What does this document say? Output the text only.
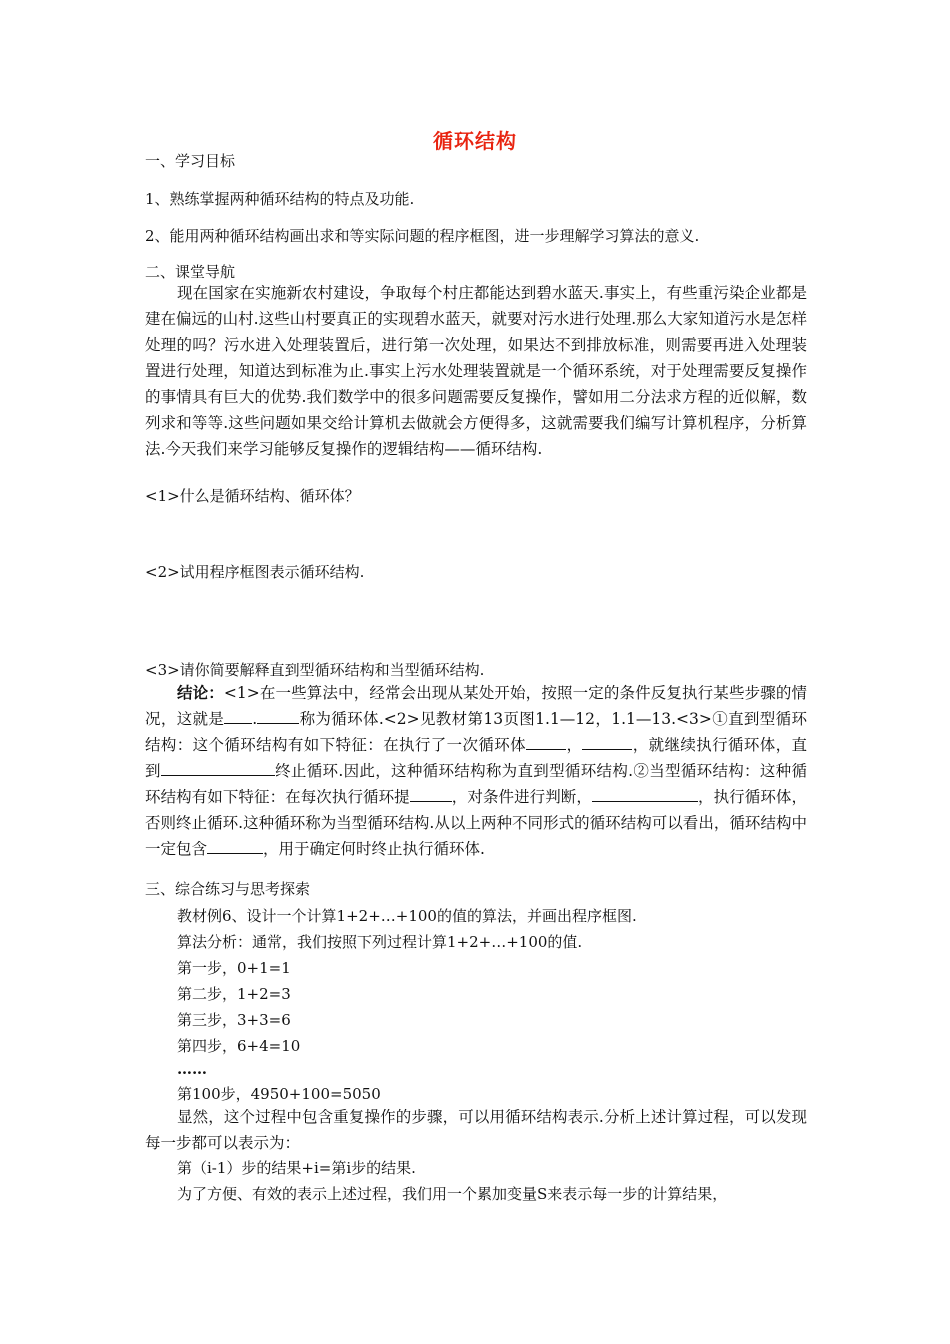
循环结构
一、学习目标
1、熟练掌握两种循环结构的特点及功能.
2、能用两种循环结构画出求和等实际问题的程序框图，进一步理解学习算法的意义.
二、课堂导航

现在国家在实施新农村建设，争取每个村庄都能达到碧水蓝天.事实上，有些重污染企业都是建在偏远的山村.这些山村要真正的实现碧水蓝天，就要对污水进行处理.那么大家知道污水是怎样处理的吗？污水进入处理装置后，进行第一次处理，如果达不到排放标准，则需要再进入处理装置进行处理，知道达到标准为止.事实上污水处理装置就是一个循环系统，对于处理需要反复操作的事情具有巨大的优势.我们数学中的很多问题需要反复操作，譬如用二分法求方程的近似解，数列求和等等.这些问题如果交给计算机去做就会方便得多，这就需要我们编写计算机程序，分析算法.今天我们来学习能够反复操作的逻辑结构——循环结构.

<1>什么是循环结构、循环体？
<2>试用程序框图表示循环结构.
<3>请你简要解释直到型循环结构和当型循环结构.

结论：<1>在一些算法中，经常会出现从某处开始，按照一定的条件反复执行某些步骤的情况，这就是 .	称为循环体.<2>见教材第13页图1.1—12，1.1—13.<3>①直到型循环结构：这个循环结构有如下特征：在执行了一次循环体	，	，就继续执行循环体，直到	终止循环.因此，这种循环结构称为直到型循环结构.②当型循环结构：这种循环结构有如下特征：在每次执行循环提	，对条件进行判断，	，执行循环体，否则终止循环.这种循环称为当型循环结构.从以上两种不同形式的循环结构可以看出，循环结构中一定包含	，用于确定何时终止执行循环体.

三、综合练习与思考探索
教材例6、设计一个计算1+2+…+100的值的算法，并画出程序框图.
算法分析：通常，我们按照下列过程计算1+2+…+100的值.
第一步，0+1=1
第二步，1+2=3
第三步，3+3=6
第四步，6+4=10
……
第100步，4950+100=5050

显然，这个过程中包含重复操作的步骤，可以用循环结构表示.分析上述计算过程，可以发现每一步都可以表示为：

第（i-1）步的结果+i=第i步的结果.
为了方便、有效的表示上述过程，我们用一个累加变量S来表示每一步的计算结果，
